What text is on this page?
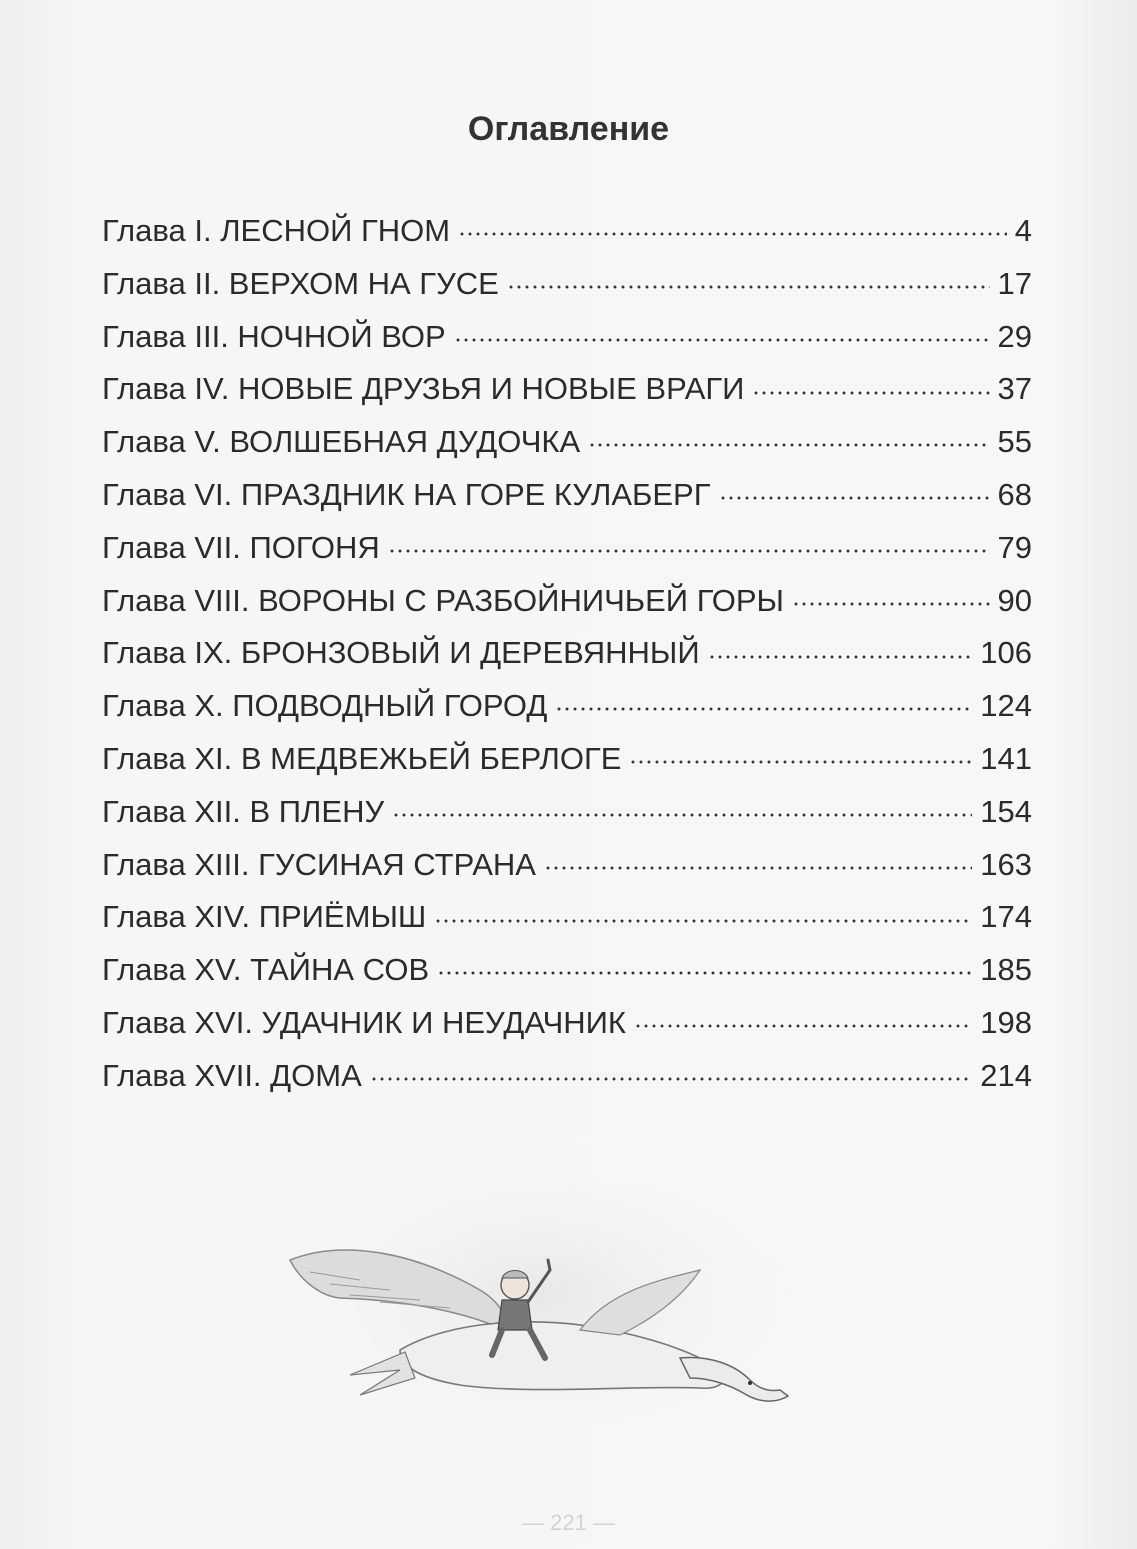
Оглавление
Глава I. ЛЕСНОЙ ГНОМ	4
Глава II. ВЕРХОМ НА ГУСЕ	17
Глава III. НОЧНОЙ ВОР	29
Глава IV. НОВЫЕ ДРУЗЬЯ И НОВЫЕ ВРАГИ	37
Глава V. ВОЛШЕБНАЯ ДУДОЧКА	55
Глава VI. ПРАЗДНИК НА ГОРЕ КУЛАБЕРГ	68
Глава VII. ПОГОНЯ	79
Глава VIII. ВОРОНЫ С РАЗБОЙНИЧЬЕЙ ГОРЫ	90
Глава IX. БРОНЗОВЫЙ И ДЕРЕВЯННЫЙ	106
Глава X. ПОДВОДНЫЙ ГОРОД	124
Глава XI. В МЕДВЕЖЬЕЙ БЕРЛОГЕ	141
Глава XII. В ПЛЕНУ	154
Глава XIII. ГУСИНАЯ СТРАНА	163
Глава XIV. ПРИЁМЫШ	174
Глава XV. ТАЙНА СОВ	185
Глава XVI. УДАЧНИК И НЕУДАЧНИК	198
Глава XVII. ДОМА	214
— 221 —
